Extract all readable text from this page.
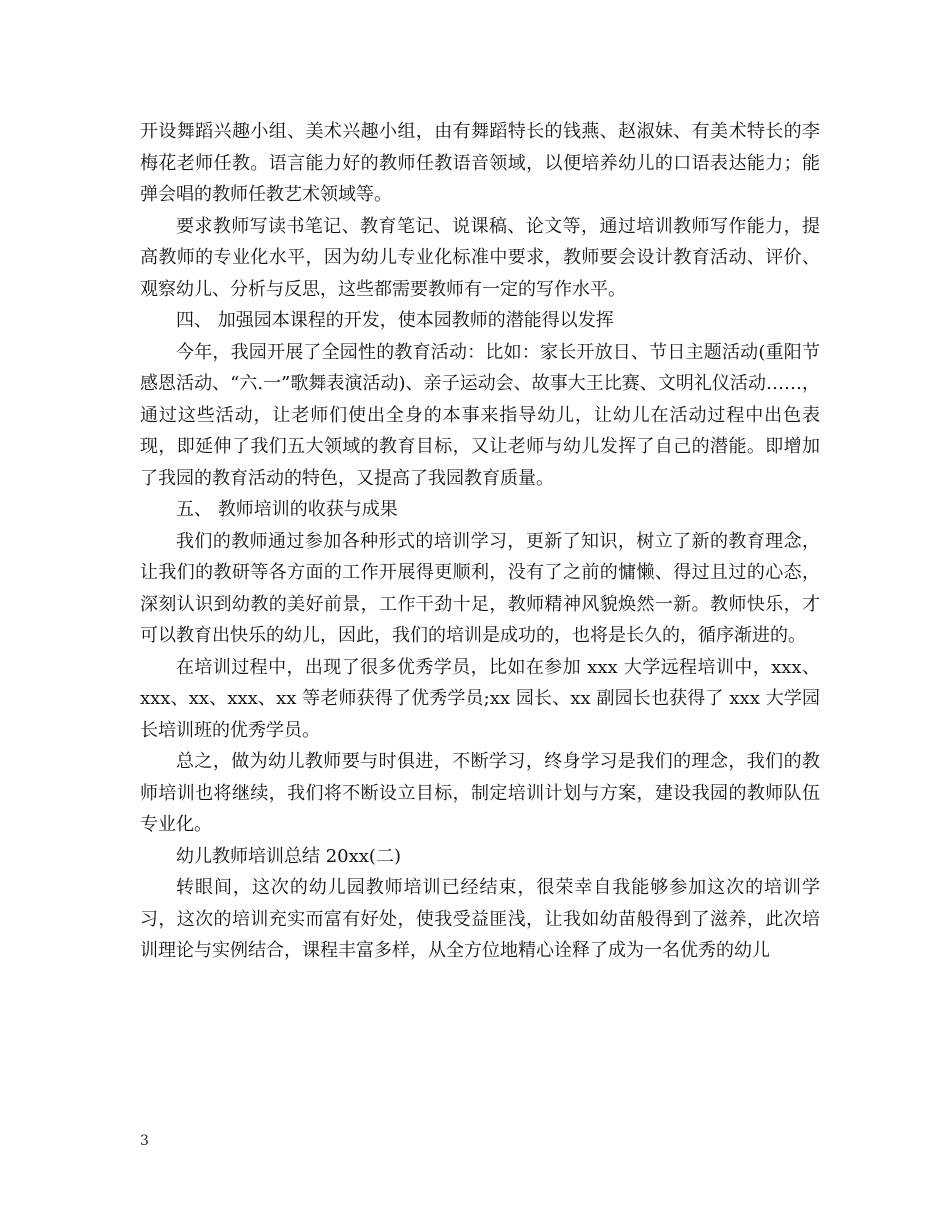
开设舞蹈兴趣小组、美术兴趣小组，由有舞蹈特长的钱燕、赵淑妹、有美术特长的李梅花老师任教。语言能力好的教师任教语音领域，以便培养幼儿的口语表达能力；能弹会唱的教师任教艺术领域等。

要求教师写读书笔记、教育笔记、说课稿、论文等，通过培训教师写作能力，提高教师的专业化水平，因为幼儿专业化标准中要求，教师要会设计教育活动、评价、观察幼儿、分析与反思，这些都需要教师有一定的写作水平。

四、 加强园本课程的开发，使本园教师的潜能得以发挥

今年，我园开展了全园性的教育活动：比如：家长开放日、节日主题活动(重阳节感恩活动、“六.一”歌舞表演活动)、亲子运动会、故事大王比赛、文明礼仪活动……，通过这些活动，让老师们使出全身的本事来指导幼儿，让幼儿在活动过程中出色表现，即延伸了我们五大领域的教育目标，又让老师与幼儿发挥了自己的潜能。即增加了我园的教育活动的特色，又提高了我园教育质量。

五、 教师培训的收获与成果

我们的教师通过参加各种形式的培训学习，更新了知识，树立了新的教育理念，让我们的教研等各方面的工作开展得更顺利，没有了之前的慵懒、得过且过的心态，深刻认识到幼教的美好前景，工作干劲十足，教师精神风貌焕然一新。教师快乐，才可以教育出快乐的幼儿，因此，我们的培训是成功的，也将是长久的，循序渐进的。

在培训过程中，出现了很多优秀学员，比如在参加 xxx 大学远程培训中，xxx、xxx、xx、xxx、xx 等老师获得了优秀学员;xx 园长、xx 副园长也获得了 xxx 大学园长培训班的优秀学员。

总之，做为幼儿教师要与时俱进，不断学习，终身学习是我们的理念，我们的教师培训也将继续，我们将不断设立目标，制定培训计划与方案，建设我园的教师队伍专业化。

幼儿教师培训总结 20xx(二)

转眼间，这次的幼儿园教师培训已经结束，很荣幸自我能够参加这次的培训学习，这次的培训充实而富有好处，使我受益匪浅，让我如幼苗般得到了滋养，此次培训理论与实例结合，课程丰富多样，从全方位地精心诠释了成为一名优秀的幼儿

3
